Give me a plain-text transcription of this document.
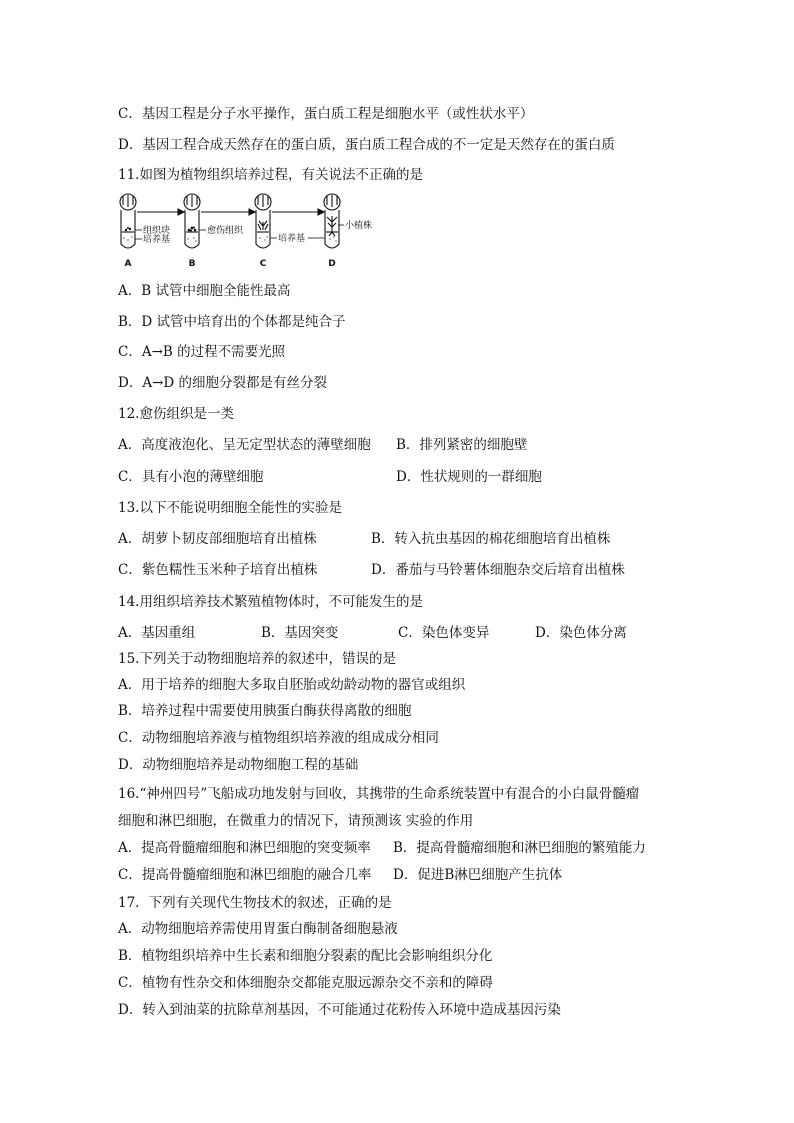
C．基因工程是分子水平操作，蛋白质工程是细胞水平（或性状水平）
D．基因工程合成天然存在的蛋白质，蛋白质工程合成的不一定是天然存在的蛋白质
11.如图为植物组织培养过程，有关说法不正确的是
组织块
培养基
愈伤组织
培养基
小植株
A	B	C	D
A．B 试管中细胞全能性最高
B．D 试管中培育出的个体都是纯合子
C．A→B 的过程不需要光照
D．A→D 的细胞分裂都是有丝分裂
12.愈伤组织是一类
A．高度液泡化、呈无定型状态的薄壁细胞 B．排列紧密的细胞壁
C．具有小泡的薄壁细胞	D．性状规则的一群细胞
13.以下不能说明细胞全能性的实验是
A．胡萝卜韧皮部细胞培育出植株	B．转入抗虫基因的棉花细胞培育出植株
C．紫色糯性玉米种子培育出植株	D．番茄与马铃薯体细胞杂交后培育出植株
14.用组织培养技术繁殖植物体时，不可能发生的是
A．基因重组	B．基因突变	C．染色体变异	D．染色体分离
15.下列关于动物细胞培养的叙述中，错误的是
A．用于培养的细胞大多取自胚胎或幼龄动物的器官或组织
B．培养过程中需要使用胰蛋白酶获得离散的细胞
C．动物细胞培养液与植物组织培养液的组成成分相同
D．动物细胞培养是动物细胞工程的基础
16.“神州四号”飞船成功地发射与回收，其携带的生命系统装置中有混合的小白鼠骨髓瘤
细胞和淋巴细胞，在微重力的情况下，请预测该 实验的作用
A．提高骨髓瘤细胞和淋巴细胞的突变频率 B．提高骨髓瘤细胞和淋巴细胞的繁殖能力
C．提高骨髓瘤细胞和淋巴细胞的融合几率 D．促进B淋巴细胞产生抗体
17．下列有关现代生物技术的叙述，正确的是
A．动物细胞培养需使用胃蛋白酶制备细胞悬液
B．植物组织培养中生长素和细胞分裂素的配比会影响组织分化
C．植物有性杂交和体细胞杂交都能克服远源杂交不亲和的障碍
D．转入到油菜的抗除草剂基因，不可能通过花粉传入环境中造成基因污染
